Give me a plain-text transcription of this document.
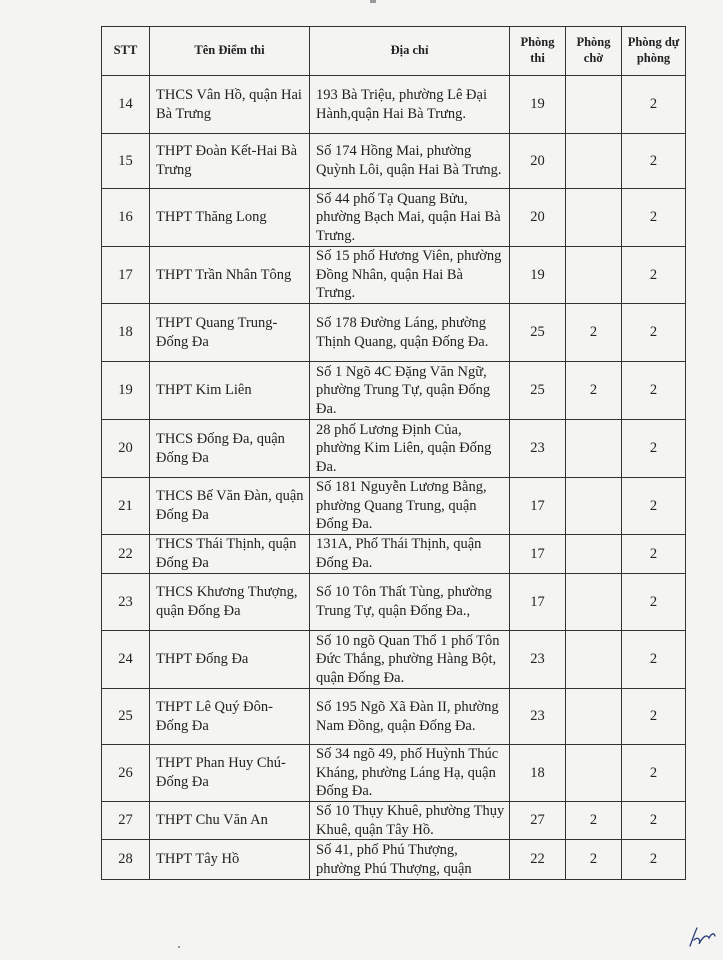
STT	Tên Điểm thi	Địa chỉ	Phòng thi	Phòng chờ	Phòng dự phòng
14	THCS Vân Hồ, quận Hai Bà Trưng	193 Bà Triệu, phường Lê Đại Hành,quận Hai Bà Trưng.	19		2
15	THPT Đoàn Kết-Hai Bà Trưng	Số 174 Hồng Mai, phường Quỳnh Lôi, quận Hai Bà Trưng.	20		2
16	THPT Thăng Long	Số 44 phố Tạ Quang Bửu, phường Bạch Mai, quận Hai Bà Trưng.	20		2
17	THPT Trần Nhân Tông	Số 15 phố Hương Viên, phường Đồng Nhân, quận Hai Bà Trưng.	19		2
18	THPT Quang Trung-Đống Đa	Số 178 Đường Láng, phường Thịnh Quang, quận Đống Đa.	25	2	2
19	THPT Kim Liên	Số 1 Ngõ 4C Đặng Văn Ngữ, phường Trung Tự, quận Đống Đa.	25	2	2
20	THCS Đống Đa, quận Đống Đa	28 phố Lương Định Của, phường Kim Liên, quận Đống Đa.	23		2
21	THCS Bế Văn Đàn, quận Đống Đa	Số 181 Nguyễn Lương Bằng, phường Quang Trung, quận Đống Đa.	17		2
22	THCS Thái Thịnh, quận Đống Đa	131A, Phố Thái Thịnh, quận Đống Đa.	17		2
23	THCS Khương Thượng, quận Đống Đa	Số 10 Tôn Thất Tùng, phường Trung Tự, quận Đống Đa.,	17		2
24	THPT Đống Đa	Số 10 ngõ Quan Thổ 1 phố Tôn Đức Thắng, phường Hàng Bột, quận Đống Đa.	23		2
25	THPT Lê Quý Đôn-Đống Đa	Số 195 Ngõ Xã Đàn II, phường Nam Đồng, quận Đống Đa.	23		2
26	THPT Phan Huy Chú-Đống Đa	Số 34 ngõ 49, phố Huỳnh Thúc Kháng, phường Láng Hạ, quận Đống Đa.	18		2
27	THPT Chu Văn An	Số 10 Thụy Khuê, phường Thụy Khuê, quận Tây Hồ.	27	2	2
28	THPT Tây Hồ	Số 41, phố Phú Thượng, phường Phú Thượng, quận	22	2	2
